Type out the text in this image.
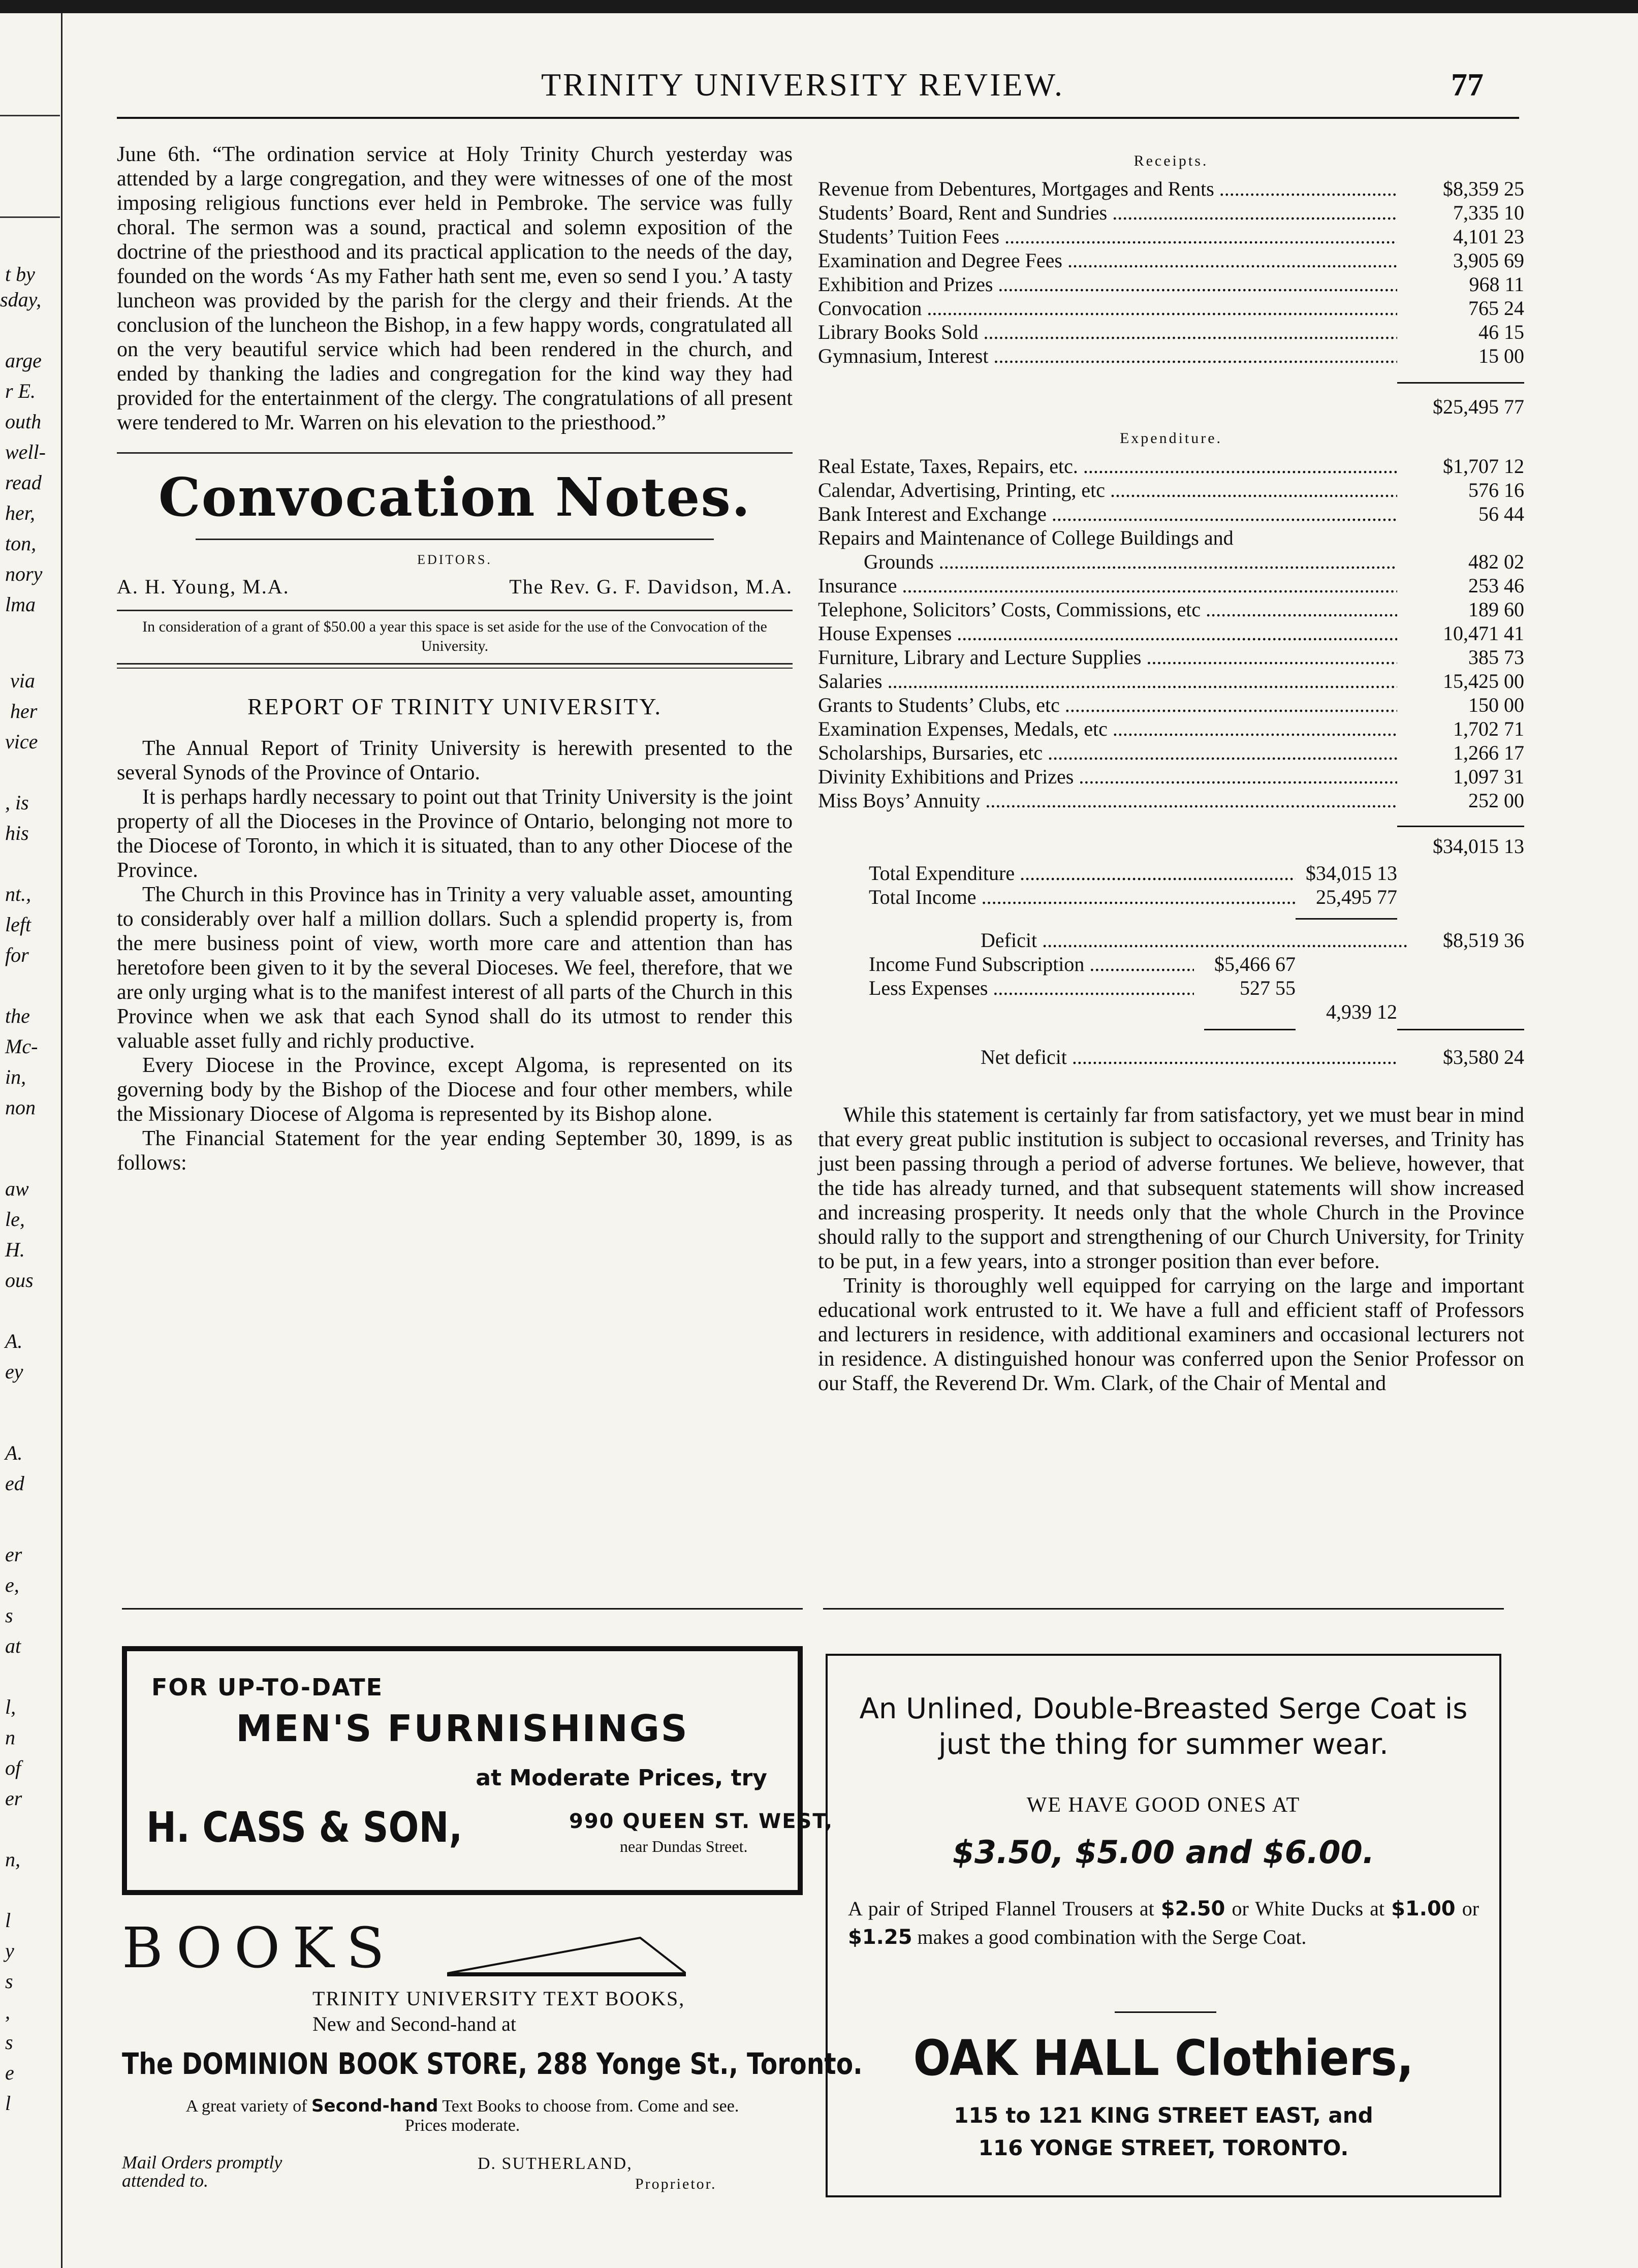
t by
sday,
arge
r E.
outh
well-
read
her,
ton,
nory
lma
via
her
vice
, is
his
nt.,
left
for
the
Mc-
in,
non
aw
le,
H.
ous
A.
ey
A.
ed
er
e,
s
at
l,
n
of
er
n,
l
y
s
,
s
e
l
TRINITY UNIVERSITY REVIEW.	77

June 6th. “The ordination service at Holy Trinity Church yesterday was attended by a large congregation, and they were witnesses of one of the most imposing religious functions ever held in Pembroke. The service was fully choral. The sermon was a sound, practical and solemn exposition of the doctrine of the priesthood and its practical application to the needs of the day, founded on the words ‘As my Father hath sent me, even so send I you.’ A tasty luncheon was provided by the parish for the clergy and their friends. At the conclusion of the luncheon the Bishop, in a few happy words, congratulated all on the very beautiful service which had been rendered in the church, and ended by thanking the ladies and congregation for the kind way they had provided for the entertainment of the clergy. The congratulations of all present were tendered to Mr. Warren on his elevation to the priesthood.”

Convocation Notes.

EDITORS.
A. H. Young, M.A.	The Rev. G. F. Davidson, M.A.
In consideration of a grant of $50.00 a year this space is set aside for the use of the Convocation of the University.

REPORT OF TRINITY UNIVERSITY.

The Annual Report of Trinity University is herewith presented to the several Synods of the Province of Ontario.

It is perhaps hardly necessary to point out that Trinity University is the joint property of all the Dioceses in the Province of Ontario, belonging not more to the Diocese of Toronto, in which it is situated, than to any other Diocese of the Province.

The Church in this Province has in Trinity a very valuable asset, amounting to considerably over half a million dollars. Such a splendid property is, from the mere business point of view, worth more care and attention than has heretofore been given to it by the several Dioceses. We feel, therefore, that we are only urging what is to the manifest interest of all parts of the Church in this Province when we ask that each Synod shall do its utmost to render this valuable asset fully and richly productive.

Every Diocese in the Province, except Algoma, is represented on its governing body by the Bishop of the Diocese and four other members, while the Missionary Diocese of Algoma is represented by its Bishop alone.

The Financial Statement for the year ending September 30, 1899, is as follows:

Receipts.

Revenue from Debentures, Mortgages and Rents .....	$8,359 25
Students’ Board, Rent and Sundries .....	7,335 10
Students’ Tuition Fees .....	4,101 23
Examination and Degree Fees .....	3,905 69
Exhibition and Prizes .....	968 11
Convocation .....	765 24
Library Books Sold .....	46 15
Gymnasium, Interest .....	15 00
$25,495 77

Expenditure.

Real Estate, Taxes, Repairs, etc. .....	$1,707 12
Calendar, Advertising, Printing, etc .....	576 16
Bank Interest and Exchange .....	56 44
Repairs and Maintenance of College Buildings and
Grounds .....	482 02
Insurance .....	253 46
Telephone, Solicitors’ Costs, Commissions, etc .....	189 60
House Expenses .....	10,471 41
Furniture, Library and Lecture Supplies .....	385 73
Salaries .....	15,425 00
Grants to Students’ Clubs, etc .....	150 00
Examination Expenses, Medals, etc .....	1,702 71
Scholarships, Bursaries, etc .....	1,266 17
Divinity Exhibitions and Prizes .....	1,097 31
Miss Boys’ Annuity .....	252 00
$34,015 13
Total Expenditure .....	$34,015 13
Total Income .....	25,495 77
Deficit .....	$8,519 36
Income Fund Subscription .....	$5,466 67
Less Expenses .....	527 55
4,939 12
Net deficit .....	$3,580 24

While this statement is certainly far from satisfactory, yet we must bear in mind that every great public institution is subject to occasional reverses, and Trinity has just been passing through a period of adverse fortunes. We believe, however, that the tide has already turned, and that subsequent statements will show increased and increasing prosperity. It needs only that the whole Church in the Province should rally to the support and strengthening of our Church University, for Trinity to be put, in a few years, into a stronger position than ever before.

Trinity is thoroughly well equipped for carrying on the large and important educational work entrusted to it. We have a full and efficient staff of Professors and lecturers in residence, with additional examiners and occasional lecturers not in residence. A distinguished honour was conferred upon the Senior Professor on our Staff, the Reverend Dr. Wm. Clark, of the Chair of Mental and

FOR UP-TO-DATE
MEN'S FURNISHINGS
at Moderate Prices, try
H. CASS & SON,	990 QUEEN ST. WEST,
near Dundas Street.
BOOKS
TRINITY UNIVERSITY TEXT BOOKS,
New and Second-hand at
The DOMINION BOOK STORE, 288 Yonge St., Toronto.
A great variety of Second-hand Text Books to choose from. Come and see. Prices moderate.
Mail Orders promptly attended to.
D. SUTHERLAND,
Proprietor.
An Unlined, Double-Breasted Serge Coat is just the thing for summer wear.
WE HAVE GOOD ONES AT
$3.50, $5.00 and $6.00.
A pair of Striped Flannel Trousers at $2.50 or White Ducks at $1.00 or $1.25 makes a good combination with the Serge Coat.
OAK HALL Clothiers,
115 to 121 KING STREET EAST, and
116 YONGE STREET, TORONTO.
